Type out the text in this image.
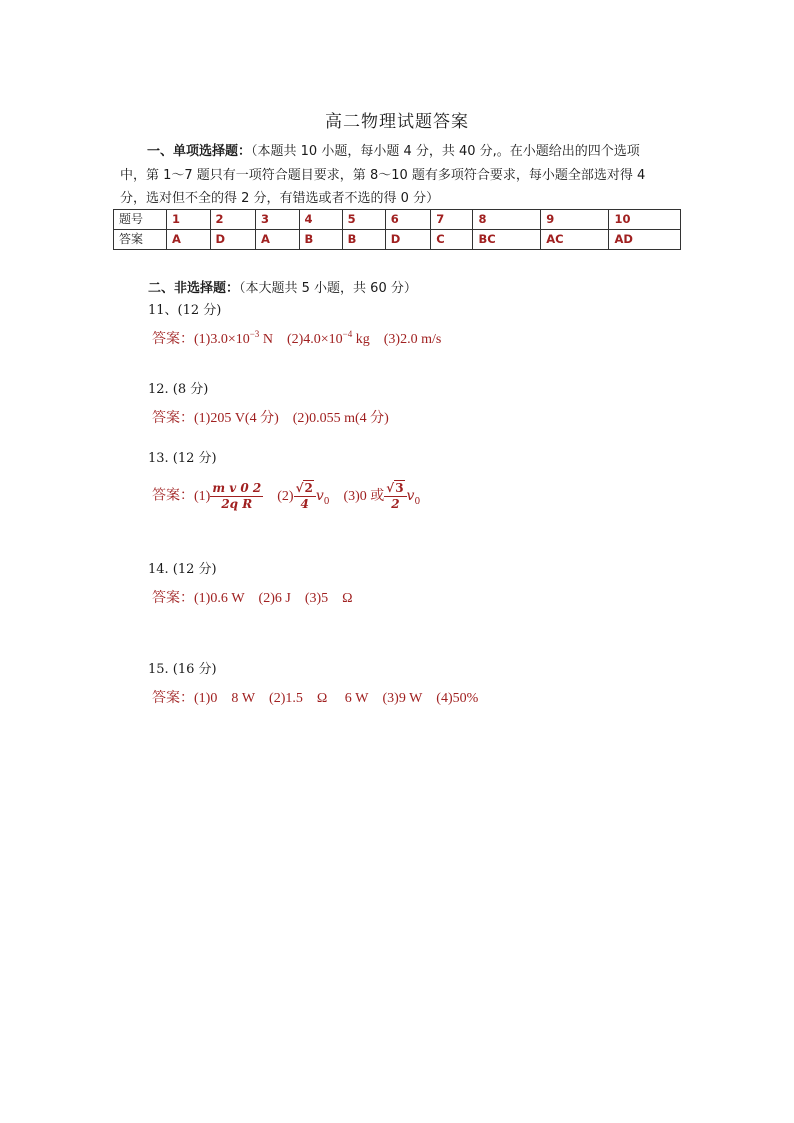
高二物理试题答案
一、单项选择题：（本题共 10 小题，每小题 4 分，共 40 分,。在小题给出的四个选项
中，第 1～7 题只有一项符合题目要求，第 8～10 题有多项符合要求，每小题全部选对得 4
分，选对但不全的得 2 分，有错选或者不选的得 0 分）
题号	1	2	3	4	5	6	7	8	9	10
答案	A	D	A	B	B	D	C	BC	AC	AD
二、非选择题：（本大题共 5 小题，共 60 分）
11、(12 分)
答案：$(1)3.0\times 10^{-3}$ N $(2)4.0\times 10^{-4}$ kg (3)2.0 m/s
12. (8 分)
答案：(1)205 V(4 分) (2)0.055 m(4 分)
13. (12 分)
答案：$(1) \frac{\text{m v 0 2}}{\text{2q R}} (2) \frac{√2}{4} v_0$ (3)0 或 $\frac{√3}{2} v_0$
14. (12 分)
答案：(1)0.6 W (2)6 J (3)5　Ω
15. (16 分)
答案：(1)0　8 W (2)1.5　Ω　 6 W (3)9 W (4)50%
